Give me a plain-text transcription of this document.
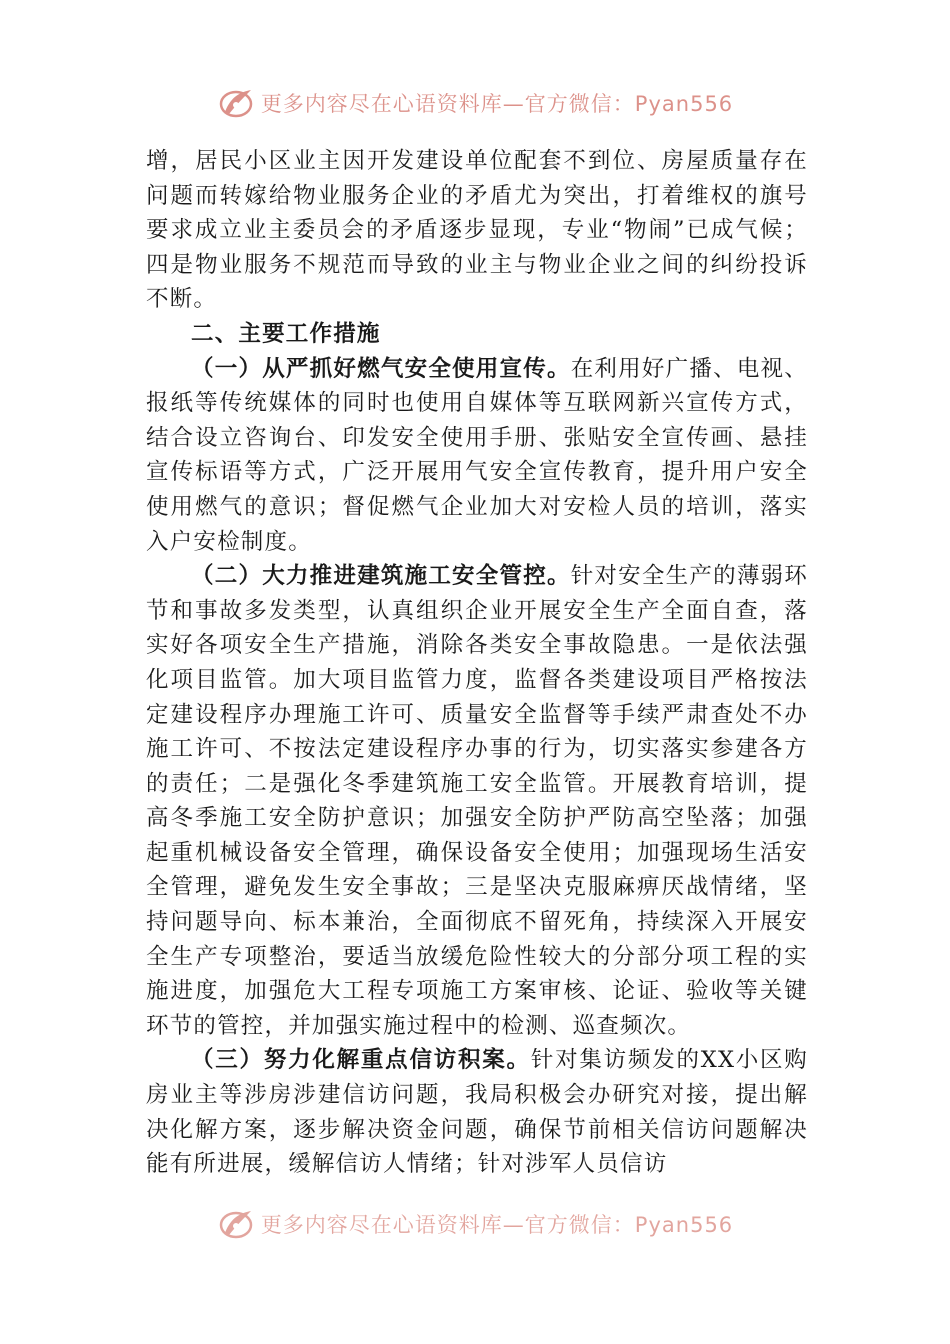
更多内容尽在心语资料库—官方微信：Pyan556

增，居民小区业主因开发建设单位配套不到位、房屋质量存在问题而转嫁给物业服务企业的矛盾尤为突出，打着维权的旗号要求成立业主委员会的矛盾逐步显现，专业“物闹”已成气候；四是物业服务不规范而导致的业主与物业企业之间的纠纷投诉不断。

二、主要工作措施

（一）从严抓好燃气安全使用宣传。在利用好广播、电视、报纸等传统媒体的同时也使用自媒体等互联网新兴宣传方式，结合设立咨询台、印发安全使用手册、张贴安全宣传画、悬挂宣传标语等方式，广泛开展用气安全宣传教育，提升用户安全使用燃气的意识；督促燃气企业加大对安检人员的培训，落实入户安检制度。

（二）大力推进建筑施工安全管控。针对安全生产的薄弱环节和事故多发类型，认真组织企业开展安全生产全面自查，落实好各项安全生产措施，消除各类安全事故隐患。一是依法强化项目监管。加大项目监管力度，监督各类建设项目严格按法定建设程序办理施工许可、质量安全监督等手续严肃查处不办施工许可、不按法定建设程序办事的行为，切实落实参建各方的责任；二是强化冬季建筑施工安全监管。开展教育培训，提高冬季施工安全防护意识；加强安全防护严防高空坠落；加强起重机械设备安全管理，确保设备安全使用；加强现场生活安全管理，避免发生安全事故；三是坚决克服麻痹厌战情绪，坚持问题导向、标本兼治，全面彻底不留死角，持续深入开展安全生产专项整治，要适当放缓危险性较大的分部分项工程的实施进度，加强危大工程专项施工方案审核、论证、验收等关键环节的管控，并加强实施过程中的检测、巡查频次。

（三）努力化解重点信访积案。针对集访频发的XX小区购房业主等涉房涉建信访问题，我局积极会办研究对接，提出解决化解方案，逐步解决资金问题，确保节前相关信访问题解决能有所进展，缓解信访人情绪；针对涉军人员信访

更多内容尽在心语资料库—官方微信：Pyan556
